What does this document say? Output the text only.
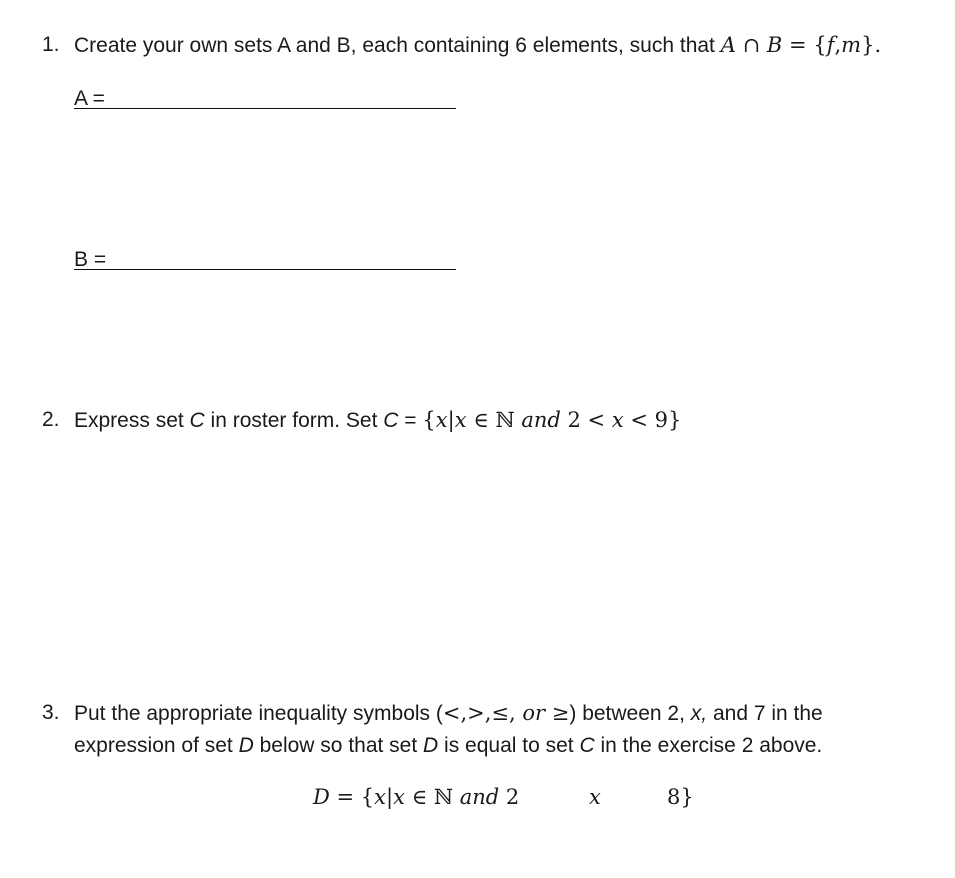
1. Create your own sets A and B, each containing 6 elements, such that A ∩ B = {f,m}.
A =
B =
2. Express set C in roster form. Set C = {x|x ∈ ℕ and 2 < x < 9}
3. Put the appropriate inequality symbols (<,>,≤, or ≥) between 2, x, and 7 in the
expression of set D below so that set D is equal to set C in the exercise 2 above.
D = {x|x ∈ ℕ and 2	x	8}
